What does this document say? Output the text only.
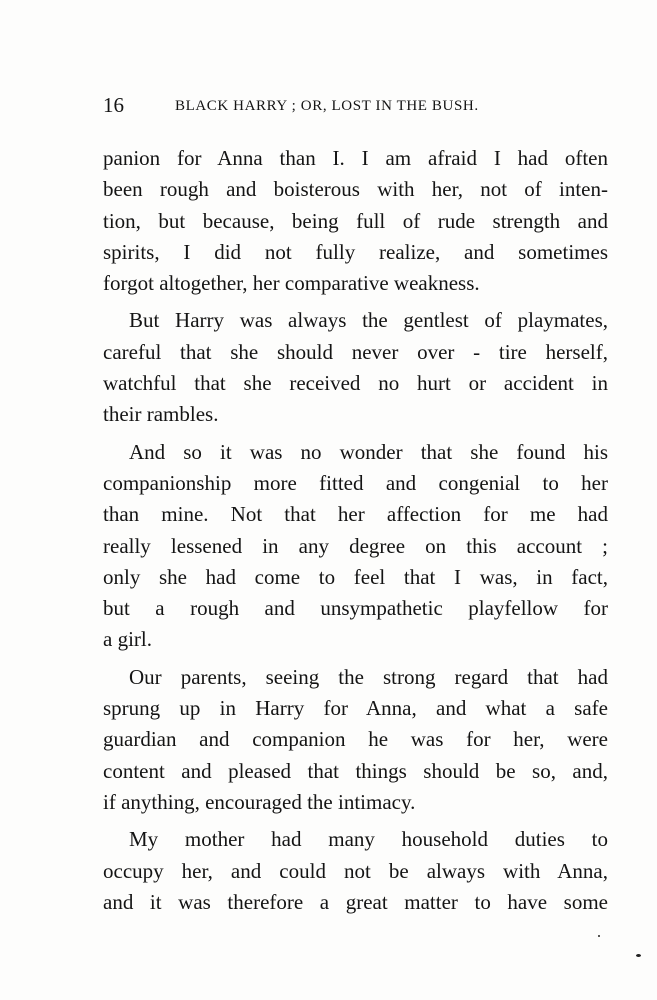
16	BLACK HARRY ; OR, LOST IN THE BUSH.
panion for Anna than I. I am afraid I had often
been rough and boisterous with her, not of inten-
tion, but because, being full of rude strength and
spirits, I did not fully realize, and sometimes
forgot altogether, her comparative weakness.
But Harry was always the gentlest of playmates,
careful that she should never over - tire herself,
watchful that she received no hurt or accident in
their rambles.
And so it was no wonder that she found his
companionship more fitted and congenial to her
than mine. Not that her affection for me had
really lessened in any degree on this account ;
only she had come to feel that I was, in fact,
but a rough and unsympathetic playfellow for
a girl.
Our parents, seeing the strong regard that had
sprung up in Harry for Anna, and what a safe
guardian and companion he was for her, were
content and pleased that things should be so, and,
if anything, encouraged the intimacy.
My mother had many household duties to
occupy her, and could not be always with Anna,
and it was therefore a great matter to have some
